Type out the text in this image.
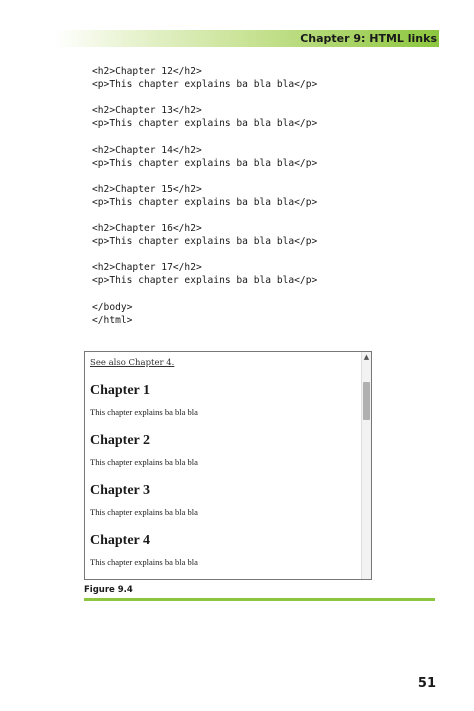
Chapter 9: HTML links
<h2>Chapter 12</h2>
<p>This chapter explains ba bla bla</p>
<h2>Chapter 13</h2>
<p>This chapter explains ba bla bla</p>
<h2>Chapter 14</h2>
<p>This chapter explains ba bla bla</p>
<h2>Chapter 15</h2>
<p>This chapter explains ba bla bla</p>
<h2>Chapter 16</h2>
<p>This chapter explains ba bla bla</p>
<h2>Chapter 17</h2>
<p>This chapter explains ba bla bla</p>
</body>
</html>
See also Chapter 4.
Chapter 1

This chapter explains ba bla bla

Chapter 2

This chapter explains ba bla bla

Chapter 3

This chapter explains ba bla bla

Chapter 4

This chapter explains ba bla bla

▲
Figure 9.4
51
